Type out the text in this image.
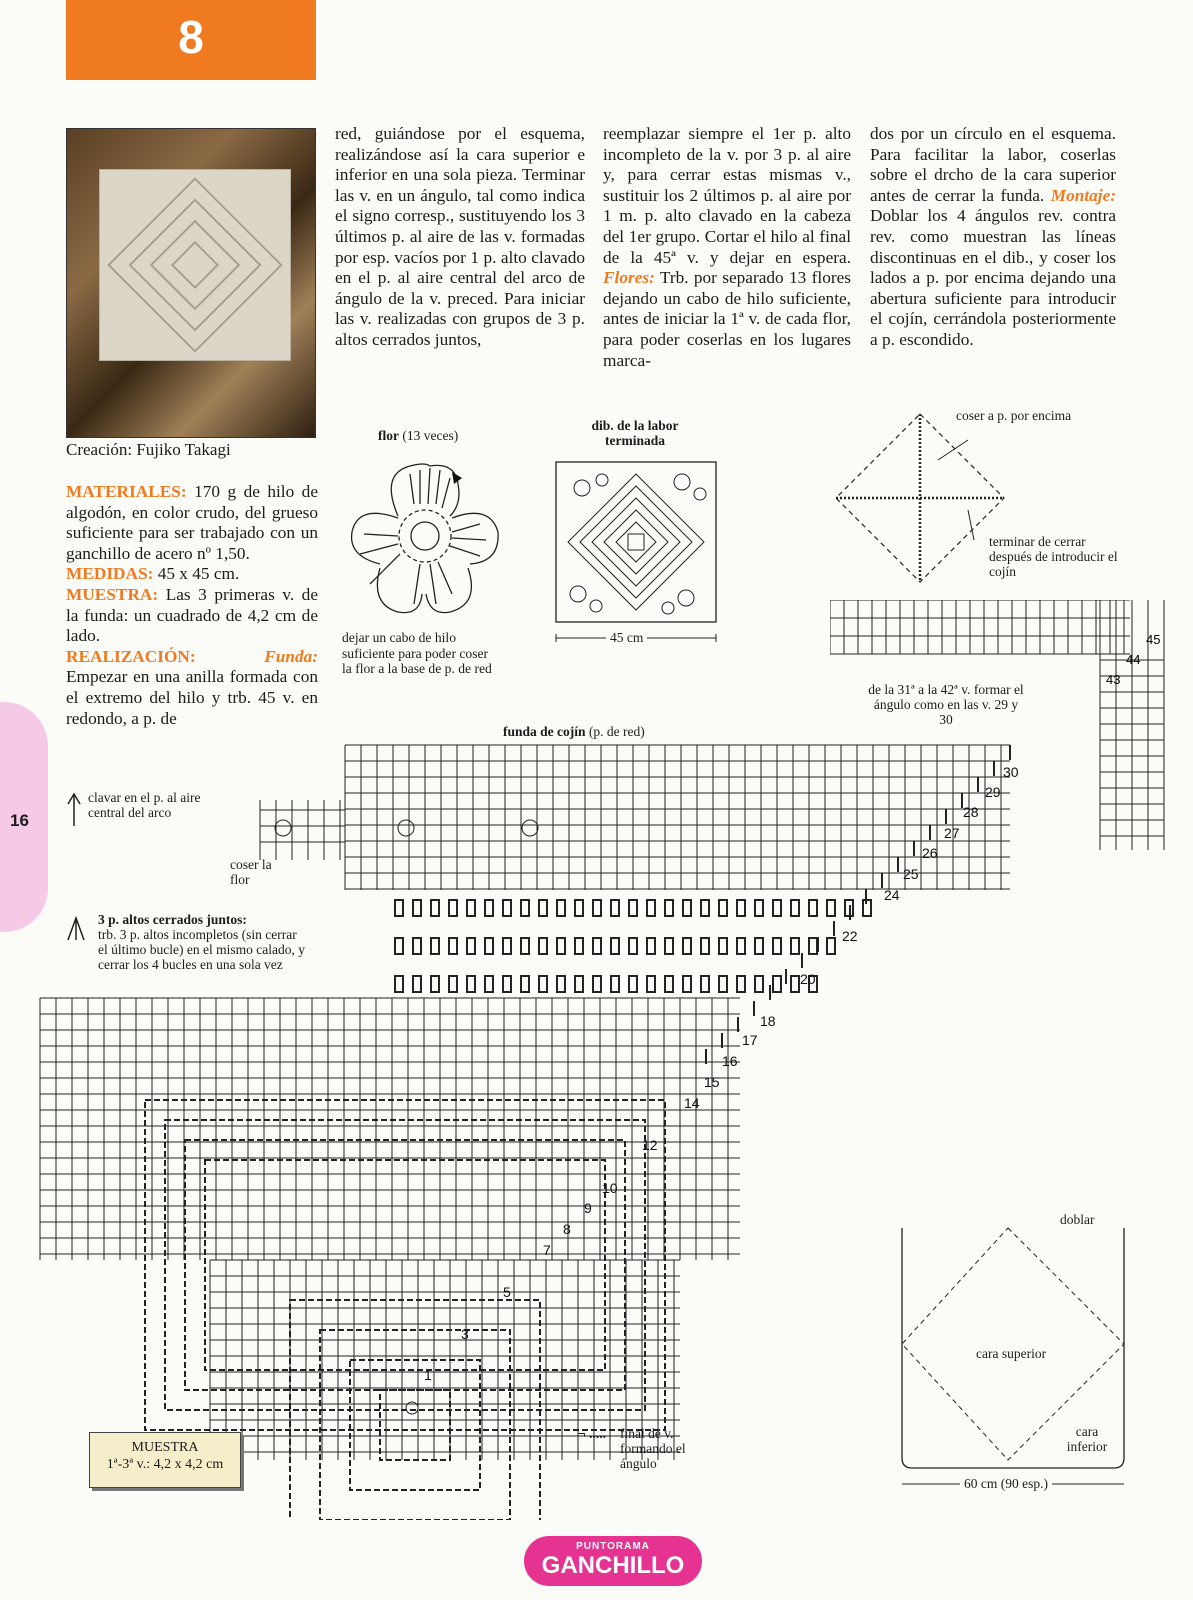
16
8
Creación: Fujiko Takagi

MATERIALES: 170 g de hilo de algodón, en color crudo, del grueso suficiente para ser trabajado con un ganchillo de acero nº 1,50.

MEDIDAS: 45 x 45 cm.

MUESTRA: Las 3 primeras v. de la funda: un cuadrado de 4,2 cm de lado.

REALIZACIÓN:	Funda: Empezar en una anilla formada con el extremo del hilo y trb. 45 v. en redondo, a p. de

red, guiándose por el esquema, realizándose así la cara superior e inferior en una sola pieza. Terminar las v. en un ángulo, tal como indica el signo corresp., sustituyendo los 3 últimos p. al aire de las v. formadas por esp. vacíos por 1 p. alto clavado en el p. al aire central del arco de ángulo de la v. preced. Para iniciar las v. realizadas con grupos de 3 p. altos cerrados juntos,
reemplazar siempre el 1er p. alto incompleto de la v. por 3 p. al aire y, para cerrar estas mismas v., sustituir los 2 últimos p. al aire por 1 m. p. alto clavado en la cabeza del 1er grupo. Cortar el hilo al final de la 45ª v. y dejar en espera. Flores: Trb. por separado 13 flores dejando un cabo de hilo suficiente, antes de iniciar la 1ª v. de cada flor, para poder coserlas en los lugares marca-
dos por un círculo en el esquema. Para facilitar la labor, coserlas sobre el drcho de la cara superior antes de cerrar la funda. Montaje: Doblar los 4 ángulos rev. contra rev. como muestran las líneas discontinuas en el dib., y coser los lados a p. por encima dejando una abertura suficiente para introducir el cojín, cerrándola posteriormente a p. escondido.
flor (13 veces)
dejar un cabo de hilo suficiente para poder coser la flor a la base de p. de red
dib. de la labor terminada
45 cm
coser a p. por encima
terminar de cerrar después de introducir el cojín
43
44
45
de la 31ª a la 42ª v. formar el ángulo como en las v. 29 y 30
funda de cojín (p. de red)
1
3
5
7
8
9
10
12
14
15
16
17
18
20
22
24
25
26
27
28
29
30
clavar en el p. al aire central del arco
coser la flor
3 p. altos cerrados juntos:
trb. 3 p. altos incompletos (sin cerrar el último bucle) en el mismo calado, y cerrar los 4 bucles en una sola vez
MUESTRA
1ª-3ª v.: 4,2 x 4,2 cm
¬ ..... final de v. formando el ángulo
doblar
cara superior
cara inferior
60 cm (90 esp.)
PUNTORAMA
GANCHILLO
